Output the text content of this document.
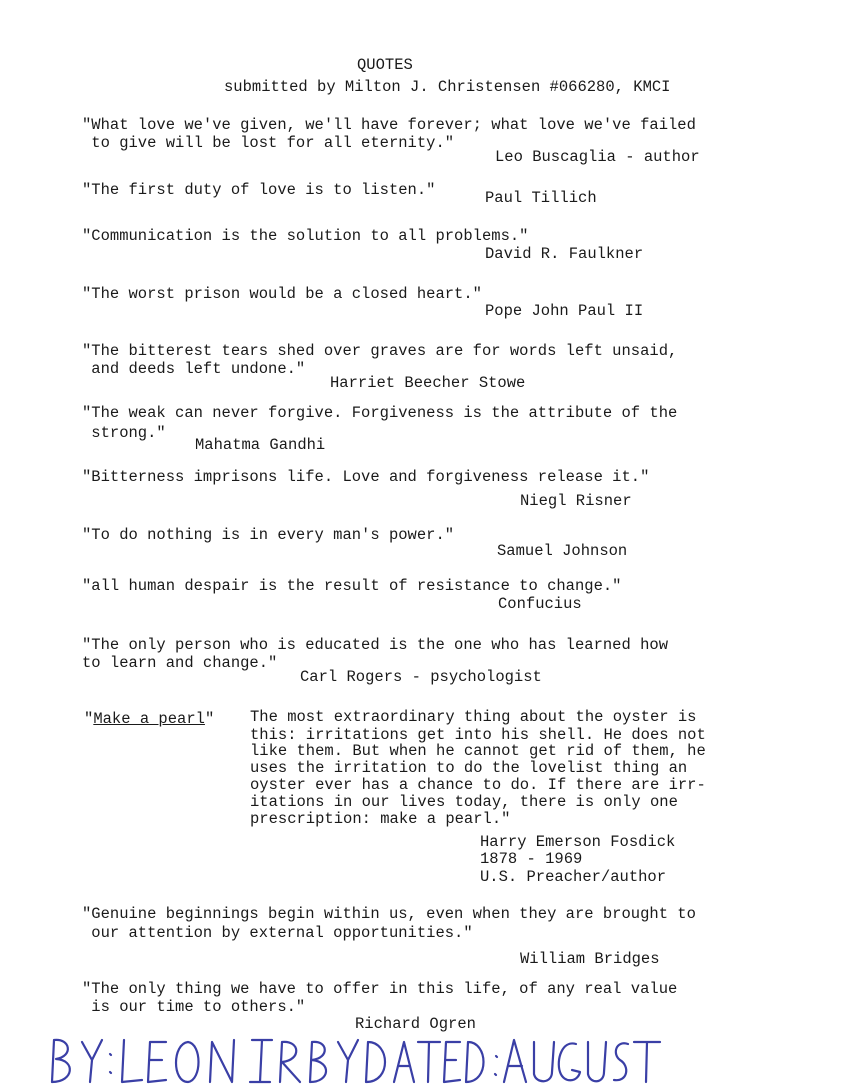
QUOTES
submitted by Milton J. Christensen #066280, KMCI
"What love we've given, we'll have forever; what love we've failed
to give will be lost for all eternity."
Leo Buscaglia - author
"The first duty of love is to listen."	Paul Tillich
"Communication is the solution to all problems."
David R. Faulkner
"The worst prison would be a closed heart."
Pope John Paul II
"The bitterest tears shed over graves are for words left unsaid,
and deeds left undone."
Harriet Beecher Stowe
"The weak can never forgive. Forgiveness is the attribute of the
strong."
Mahatma Gandhi
"Bitterness imprisons life. Love and forgiveness release it."
Niegl Risner
"To do nothing is in every man's power."
Samuel Johnson
"all human despair is the result of resistance to change."
Confucius
"The only person who is educated is the one who has learned how
to learn and change."
Carl Rogers - psychologist
"Make a pearl" The most extraordinary thing about the oyster is
this: irritations get into his shell. He does not
like them. But when he cannot get rid of them, he
uses the irritation to do the lovelist thing an
oyster ever has a chance to do. If there are irr-
itations in our lives today, there is only one
prescription: make a pearl."
Harry Emerson Fosdick
1878 - 1969
U.S. Preacher/author
"Genuine beginnings begin within us, even when they are brought to
our attention by external opportunities."
William Bridges
"The only thing we have to offer in this life, of any real value
is our time to others."
Richard Ogren
